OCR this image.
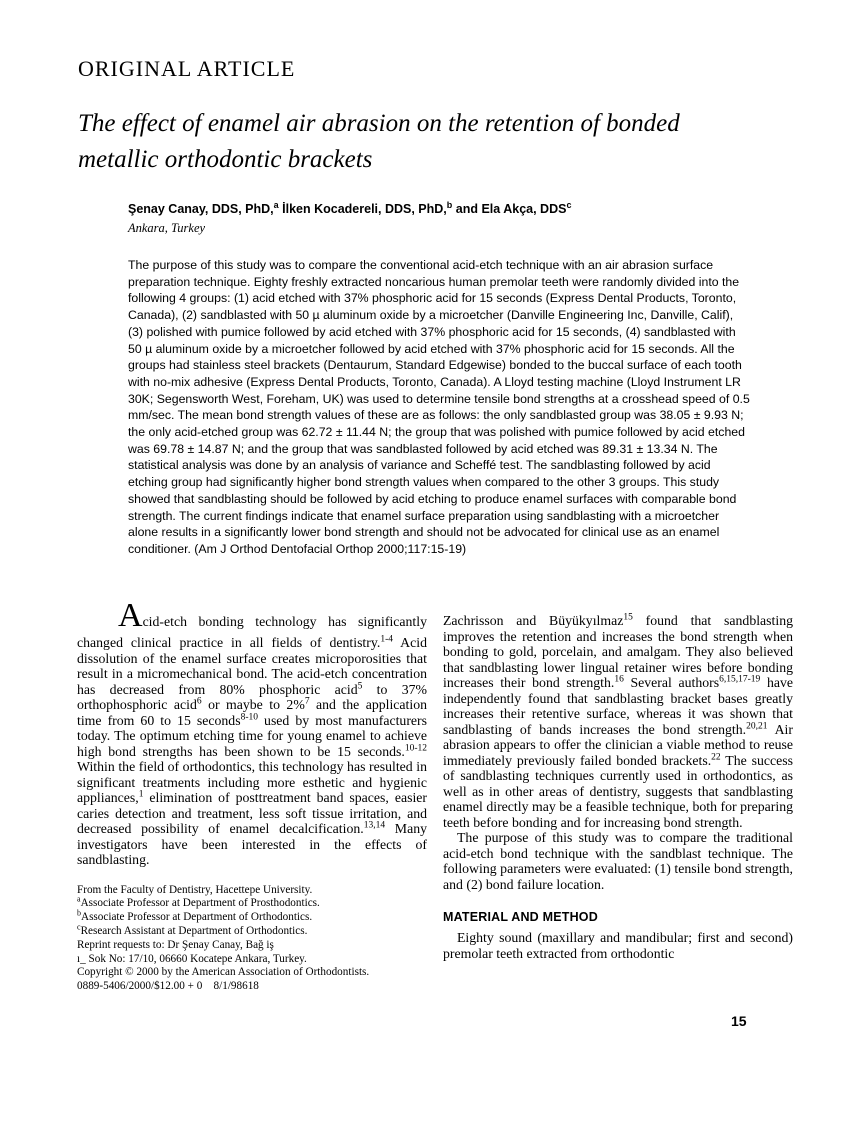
ORIGINAL ARTICLE
The effect of enamel air abrasion on the retention of bonded metallic orthodontic brackets
Şenay Canay, DDS, PhD,$^a$ İlken Kocadereli, DDS, PhD,$^b$ and Ela Akça, DDS$^c$
Ankara, Turkey

The purpose of this study was to compare the conventional acid-etch technique with an air abrasion surface preparation technique. Eighty freshly extracted noncarious human premolar teeth were randomly divided into the following 4 groups: (1) acid etched with 37% phosphoric acid for 15 seconds (Express Dental Products, Toronto, Canada), (2) sandblasted with 50 µ aluminum oxide by a microetcher (Danville Engineering Inc, Danville, Calif), (3) polished with pumice followed by acid etched with 37% phosphoric acid for 15 seconds, (4) sandblasted with 50 µ aluminum oxide by a microetcher followed by acid etched with 37% phosphoric acid for 15 seconds. All the groups had stainless steel brackets (Dentaurum, Standard Edgewise) bonded to the buccal surface of each tooth with no-mix adhesive (Express Dental Products, Toronto, Canada). A Lloyd testing machine (Lloyd Instrument LR 30K; Segensworth West, Foreham, UK) was used to determine tensile bond strengths at a crosshead speed of 0.5 mm/sec. The mean bond strength values of these are as follows: the only sandblasted group was 38.05 ± 9.93 N; the only acid-etched group was 62.72 ± 11.44 N; the group that was polished with pumice followed by acid etched was 69.78 ± 14.87 N; and the group that was sandblasted followed by acid etched was 89.31 ± 13.34 N. The statistical analysis was done by an analysis of variance and Scheffé test. The sandblasting followed by acid etching group had significantly higher bond strength values when compared to the other 3 groups. This study showed that sandblasting should be followed by acid etching to produce enamel surfaces with comparable bond strength. The current findings indicate that enamel surface preparation using sandblasting with a microetcher alone results in a significantly lower bond strength and should not be advocated for clinical use as an enamel conditioner. (Am J Orthod Dentofacial Orthop 2000;117:15-19)

Acid-etch bonding technology has significantly changed clinical practice in all fields of dentistry.$^{1-4}$ Acid dissolution of the enamel surface creates microporosities that result in a micromechanical bond. The acid-etch concentration has decreased from 80% phosphoric acid$^5$ to 37% orthophosphoric acid$^6$ or maybe to 2%$^7$ and the application time from 60 to 15 seconds$^{8-10}$ used by most manufacturers today. The optimum etching time for young enamel to achieve high bond strengths has been shown to be 15 seconds.$^{10-12}$ Within the field of orthodontics, this technology has resulted in significant treatments including more esthetic and hygienic appliances,$^1$ elimination of posttreatment band spaces, easier caries detection and treatment, less soft tissue irritation, and decreased possibility of enamel decalcification.$^{13,14}$ Many investigators have been interested in the effects of sandblasting.

From the Faculty of Dentistry, Hacettepe University.
$^a$Associate Professor at Department of Prosthodontics.
$^b$Associate Professor at Department of Orthodontics.
$^c$Research Assistant at Department of Orthodontics.
Reprint requests to: Dr Şenay Canay, Bağ iş
ı_ Sok No: 17/10, 06660 Kocatepe Ankara, Turkey.
Copyright © 2000 by the American Association of Orthodontists.
0889-5406/2000/$12.00 + 0  8/1/98618

Zachrisson and Büyükyılmaz$^{15}$ found that sandblasting improves the retention and increases the bond strength when bonding to gold, porcelain, and amalgam. They also believed that sandblasting lower lingual retainer wires before bonding increases their bond strength.$^{16}$ Several authors$^{6,15,17-19}$ have independently found that sandblasting bracket bases greatly increases their retentive surface, whereas it was shown that sandblasting of bands increases the bond strength.$^{20,21}$ Air abrasion appears to offer the clinician a viable method to reuse immediately previously failed bonded brackets.$^{22}$ The success of sandblasting techniques currently used in orthodontics, as well as in other areas of dentistry, suggests that sandblasting enamel directly may be a feasible technique, both for preparing teeth before bonding and for increasing bond strength.

The purpose of this study was to compare the traditional acid-etch bond technique with the sandblast technique. The following parameters were evaluated: (1) tensile bond strength, and (2) bond failure location.

MATERIAL AND METHOD

Eighty sound (maxillary and mandibular; first and second) premolar teeth extracted from orthodontic

15
